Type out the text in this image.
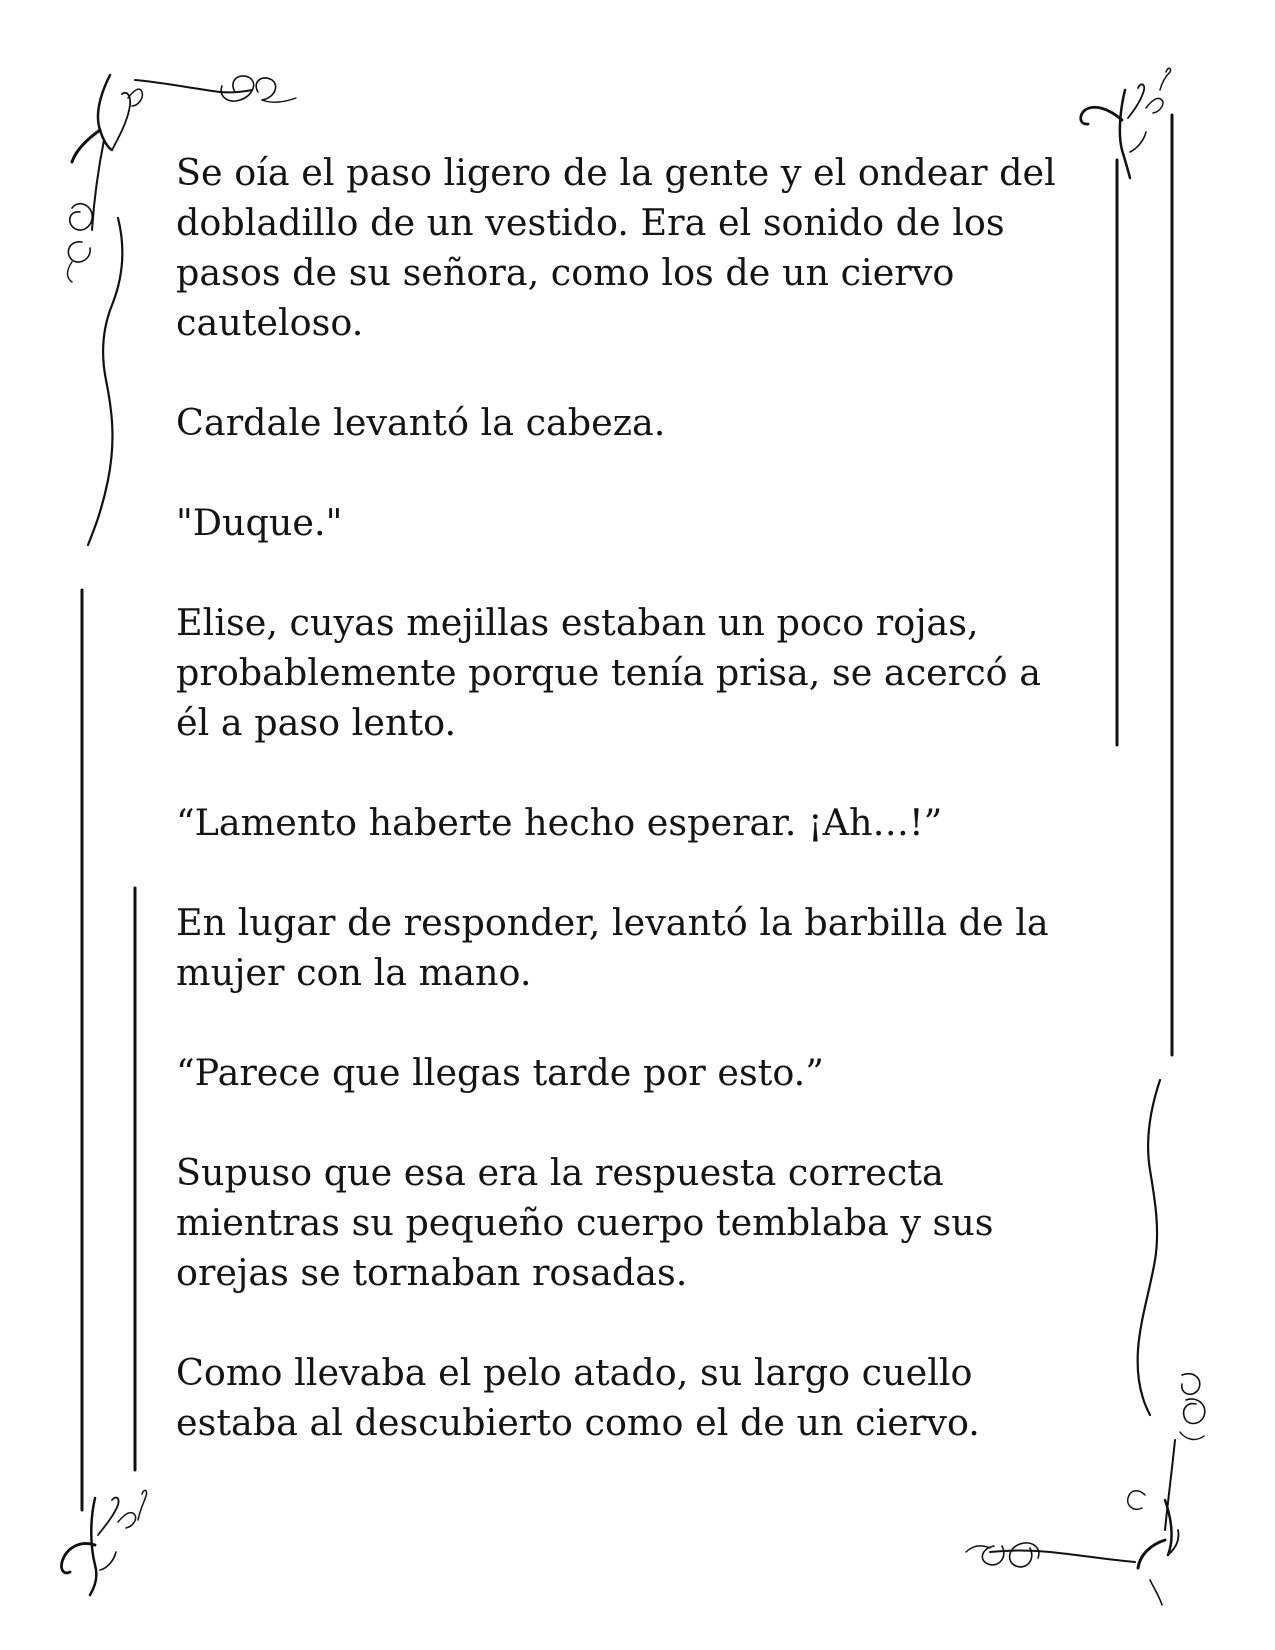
Se oía el paso ligero de la gente y el ondear del
dobladillo de un vestido. Era el sonido de los
pasos de su señora, como los de un ciervo
cauteloso.

Cardale levantó la cabeza.

"Duque."

Elise, cuyas mejillas estaban un poco rojas,
probablemente porque tenía prisa, se acercó a
él a paso lento.

“Lamento haberte hecho esperar. ¡Ah…!”

En lugar de responder, levantó la barbilla de la
mujer con la mano.

“Parece que llegas tarde por esto.”

Supuso que esa era la respuesta correcta
mientras su pequeño cuerpo temblaba y sus
orejas se tornaban rosadas.

Como llevaba el pelo atado, su largo cuello
estaba al descubierto como el de un ciervo.
